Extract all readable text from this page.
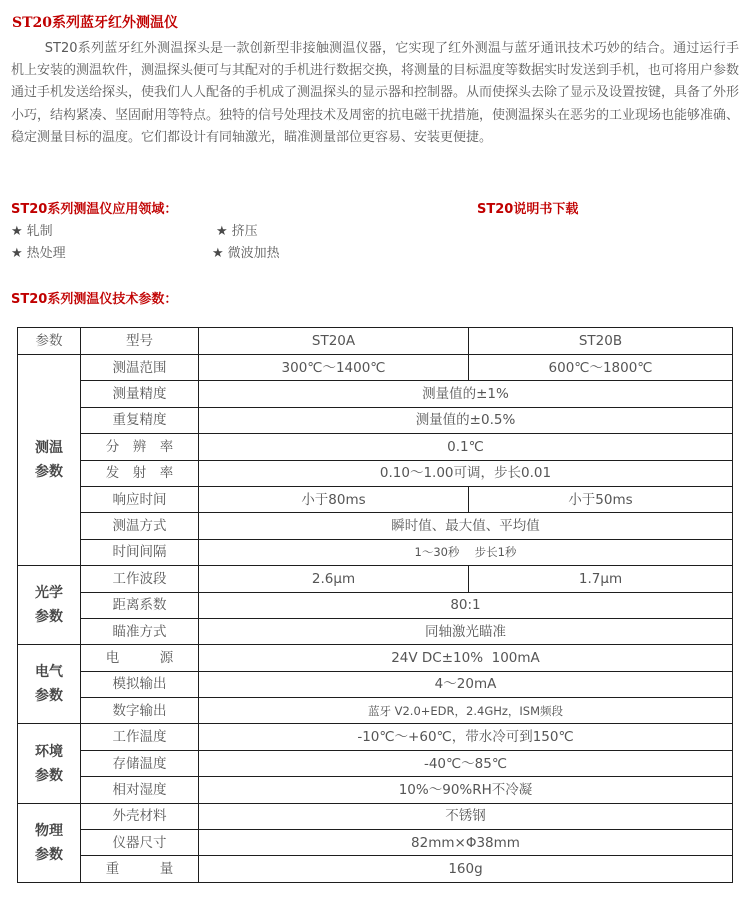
ST20系列蓝牙红外测温仪
ST20系列蓝牙红外测温探头是一款创新型非接触测温仪器，它实现了红外测温与蓝牙通讯技术巧妙的结合。通过运行手机上安装的测温软件，测温探头便可与其配对的手机进行数据交换，将测量的目标温度等数据实时发送到手机，也可将用户参数通过手机发送给探头，使我们人人配备的手机成了测温探头的显示器和控制器。从而使探头去除了显示及设置按键，具备了外形小巧，结构紧凑、坚固耐用等特点。独特的信号处理技术及周密的抗电磁干扰措施，使测温探头在恶劣的工业现场也能够准确、稳定测量目标的温度。它们都设计有同轴激光，瞄准测量部位更容易、安装更便捷。
ST20系列测温仪应用领域：	ST20说明书下载
★ 轧制	★ 挤压
★ 热处理	★ 微波加热
ST20系列测温仪技术参数：
参数	型号	ST20A	ST20B
测温
参数	测温范围	300℃～1400℃	600℃～1800℃
	测量精度	测量值的±1%	
	重复精度	测量值的±0.5%	
	分　辨　率	0.1℃	
	发　射　率	0.10～1.00可调，步长0.01	
	响应时间	小于80ms	小于50ms
	测温方式	瞬时值、最大值、平均值	
	时间间隔	1～30秒　 步长1秒	
光学
参数	工作波段	2.6μm	1.7μm
	距离系数	80:1	
	瞄准方式	同轴激光瞄准	
电气
参数	电　　　源	24V DC±10%  100mA	
	模拟输出	4～20mA	
	数字输出	蓝牙 V2.0+EDR，2.4GHz，ISM频段	
环境
参数	工作温度	-10℃～+60℃，带水冷可到150℃	
	存储温度	-40℃～85℃	
	相对湿度	10%～90%RH不冷凝	
物理
参数	外壳材料	不锈钢	
	仪器尺寸	82mm×Φ38mm	
	重　　　量	160g	
